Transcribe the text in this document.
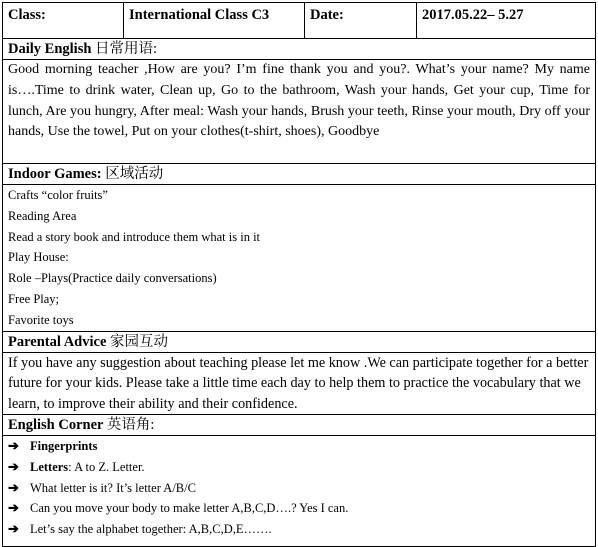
Class:	International Class C3	Date:	2017.05.22– 5.27
Daily English 日常用语:
Good morning teacher ,How are you? I’m fine thank you and you?. What’s your name? My name is….Time to drink water, Clean up, Go to the bathroom, Wash your hands, Get your cup, Time for lunch, Are you hungry, After meal: Wash your hands, Brush your teeth, Rinse your mouth, Dry off your hands, Use the towel, Put on your clothes(t-shirt, shoes), Goodbye
Indoor Games: 区域活动

Crafts “color fruits”
Reading Area
Read a story book and introduce them what is in it
Play House:
Role –Plays(Practice daily conversations)
Free Play;
Favorite toys

Parental Advice 家园互动
If you have any suggestion about teaching please let me know .We can participate together for a better future for your kids. Please take a little time each day to help them to practice the vocabulary that we learn, to improve their ability and their confidence.
English Corner 英语角:

➔ Fingerprints
➔ Letters: A to Z. Letter.
➔ What letter is it? It’s letter A/B/C
➔ Can you move your body to make letter A,B,C,D….? Yes I can.
➔ Let’s say the alphabet together: A,B,C,D,E…….
